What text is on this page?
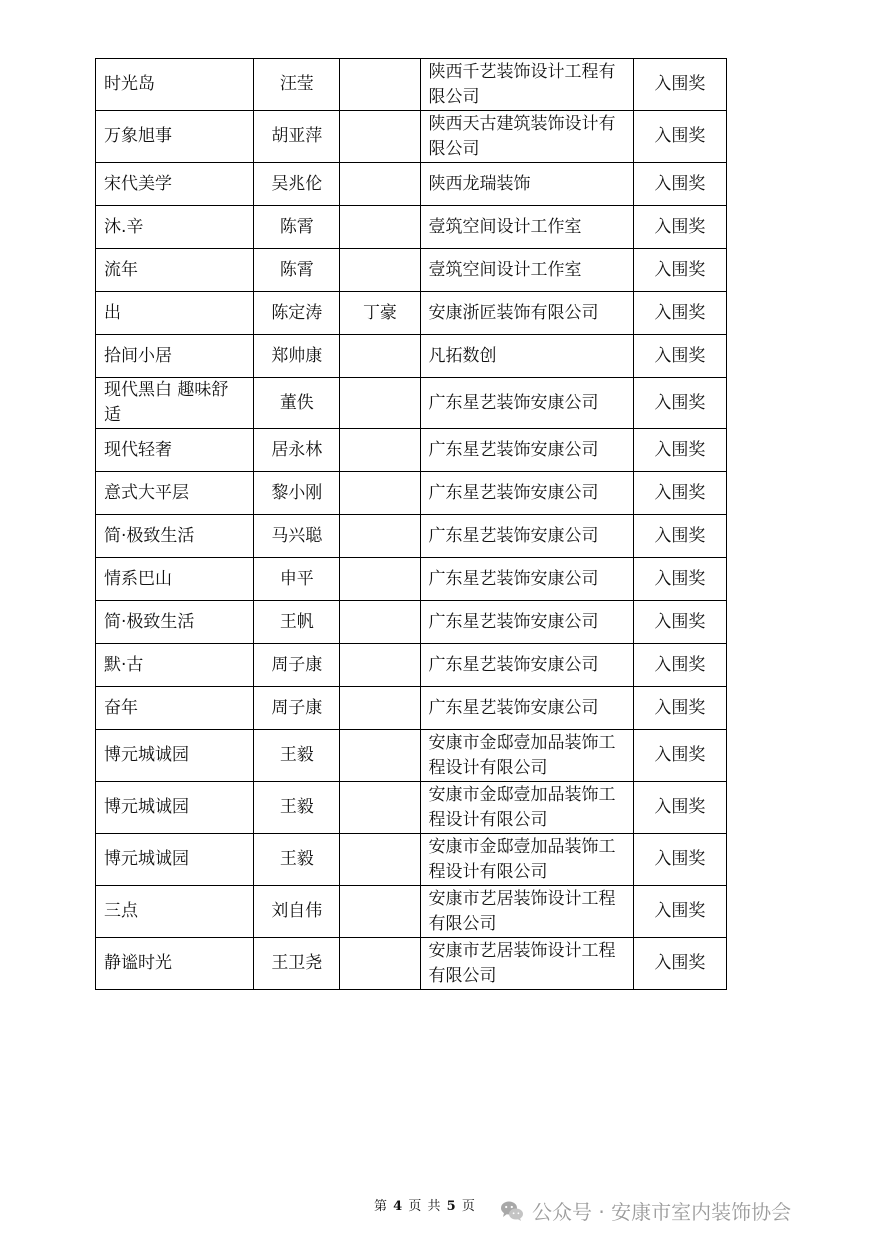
时光岛	汪莹		陕西千艺装饰设计工程有限公司	入围奖
万象旭事	胡亚萍		陕西天古建筑装饰设计有限公司	入围奖
宋代美学	吴兆伦		陕西龙瑞装饰	入围奖
沐.辛	陈霄		壹筑空间设计工作室	入围奖
流年	陈霄		壹筑空间设计工作室	入围奖
出	陈定涛	丁豪	安康浙匠装饰有限公司	入围奖
拾间小居	郑帅康		凡拓数创	入围奖
现代黑白 趣味舒适	董佚		广东星艺装饰安康公司	入围奖
现代轻奢	居永林		广东星艺装饰安康公司	入围奖
意式大平层	黎小刚		广东星艺装饰安康公司	入围奖
简·极致生活	马兴聪		广东星艺装饰安康公司	入围奖
情系巴山	申平		广东星艺装饰安康公司	入围奖
简·极致生活	王帆		广东星艺装饰安康公司	入围奖
默·古	周子康		广东星艺装饰安康公司	入围奖
奋年	周子康		广东星艺装饰安康公司	入围奖
博元城诚园	王毅		安康市金邸壹加品装饰工程设计有限公司	入围奖
博元城诚园	王毅		安康市金邸壹加品装饰工程设计有限公司	入围奖
博元城诚园	王毅		安康市金邸壹加品装饰工程设计有限公司	入围奖
三点	刘自伟		安康市艺居装饰设计工程有限公司	入围奖
静谧时光	王卫尧		安康市艺居装饰设计工程有限公司	入围奖
第 4 页 共 5 页	公众号 · 安康市室内装饰协会
